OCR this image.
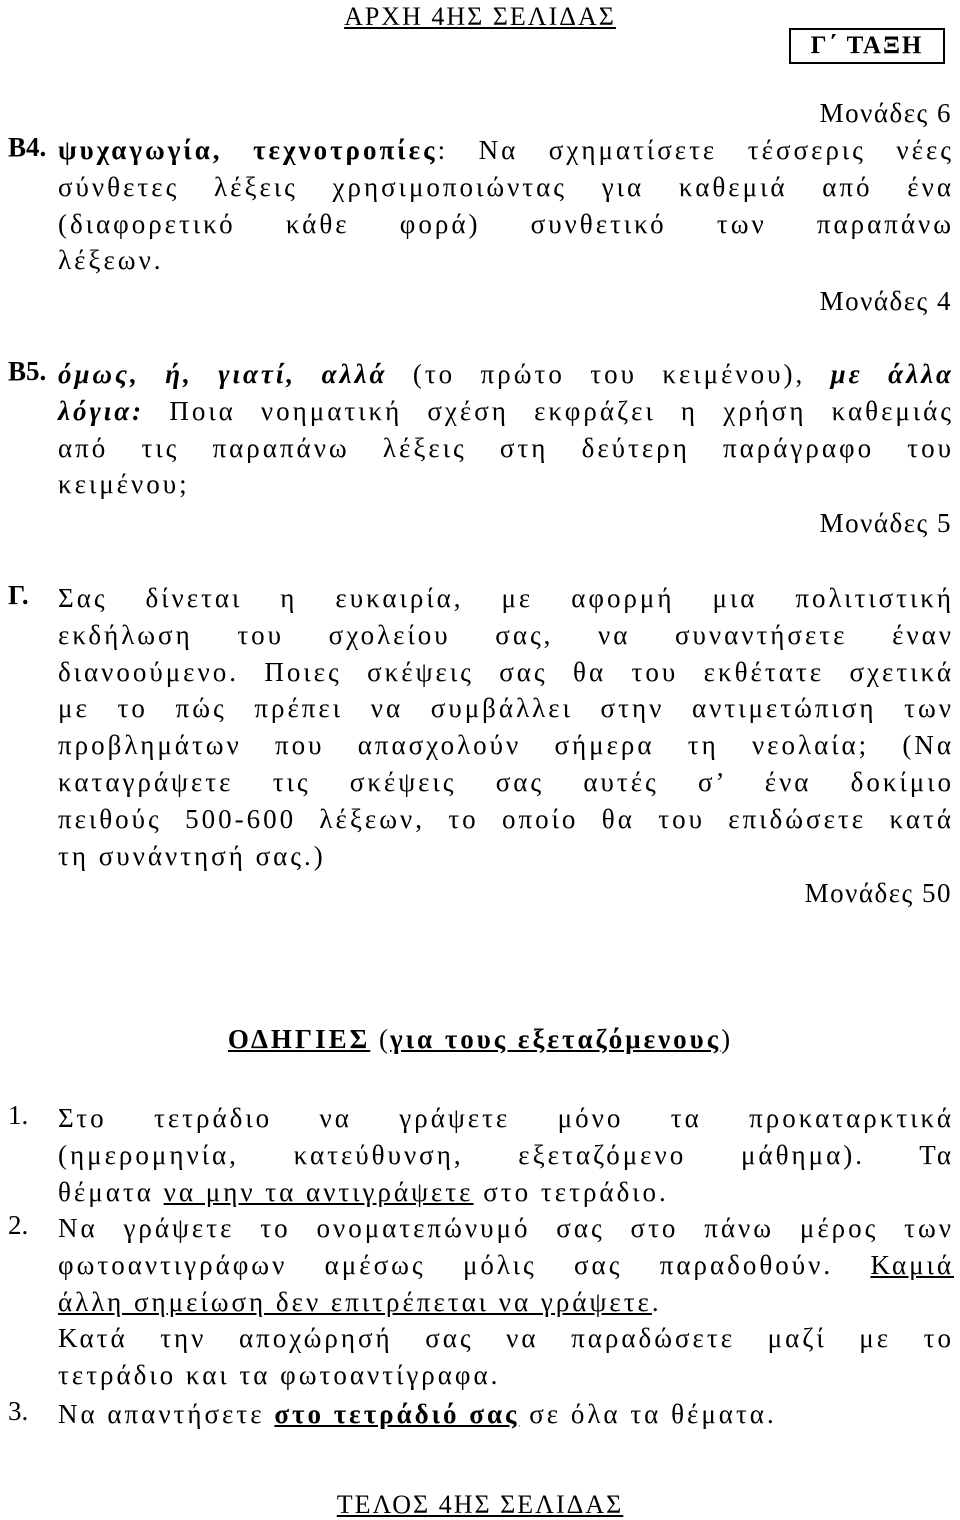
ΑΡΧΗ 4ΗΣ ΣΕΛΙΔΑΣ
Γ΄ ΤΑΞΗ
Μονάδες 6
Β4. ψυχαγωγία, τεχνοτροπίες: Να σχηματίσετε τέσσερις νέες
σύνθετες λέξεις χρησιμοποιώντας για καθεμιά από ένα
(διαφορετικό κάθε φορά) συνθετικό των παραπάνω
λέξεων.
Μονάδες 4
Β5. όμως, ή, γιατί, αλλά (το πρώτο του κειμένου), με άλλα
λόγια: Ποια νοηματική σχέση εκφράζει η χρήση καθεμιάς
από τις παραπάνω λέξεις στη δεύτερη παράγραφο του
κειμένου;
Μονάδες 5
Γ. Σας δίνεται η ευκαιρία, με αφορμή μια πολιτιστική
εκδήλωση του σχολείου σας, να συναντήσετε έναν
διανοούμενο. Ποιες σκέψεις σας θα του εκθέτατε σχετικά
με το πώς πρέπει να συμβάλλει στην αντιμετώπιση των
προβλημάτων που απασχολούν σήμερα τη νεολαία; (Να
καταγράψετε τις σκέψεις σας αυτές σ’ ένα δοκίμιο
πειθούς 500-600 λέξεων, το οποίο θα του επιδώσετε κατά
τη συνάντησή σας.)
Μονάδες 50
ΟΔΗΓΙΕΣ (για τους εξεταζόμενους)
1. Στο τετράδιο να γράψετε μόνο τα προκαταρκτικά
(ημερομηνία, κατεύθυνση, εξεταζόμενο μάθημα). Τα
θέματα να μην τα αντιγράψετε στο τετράδιο.
2. Να γράψετε το ονοματεπώνυμό σας στο πάνω μέρος των
φωτοαντιγράφων αμέσως μόλις σας παραδοθούν. Καμιά
άλλη σημείωση δεν επιτρέπεται να γράψετε.
Κατά την αποχώρησή σας να παραδώσετε μαζί με το
τετράδιο και τα φωτοαντίγραφα.
3. Να απαντήσετε στο τετράδιό σας σε όλα τα θέματα.
ΤΕΛΟΣ 4ΗΣ ΣΕΛΙΔΑΣ
